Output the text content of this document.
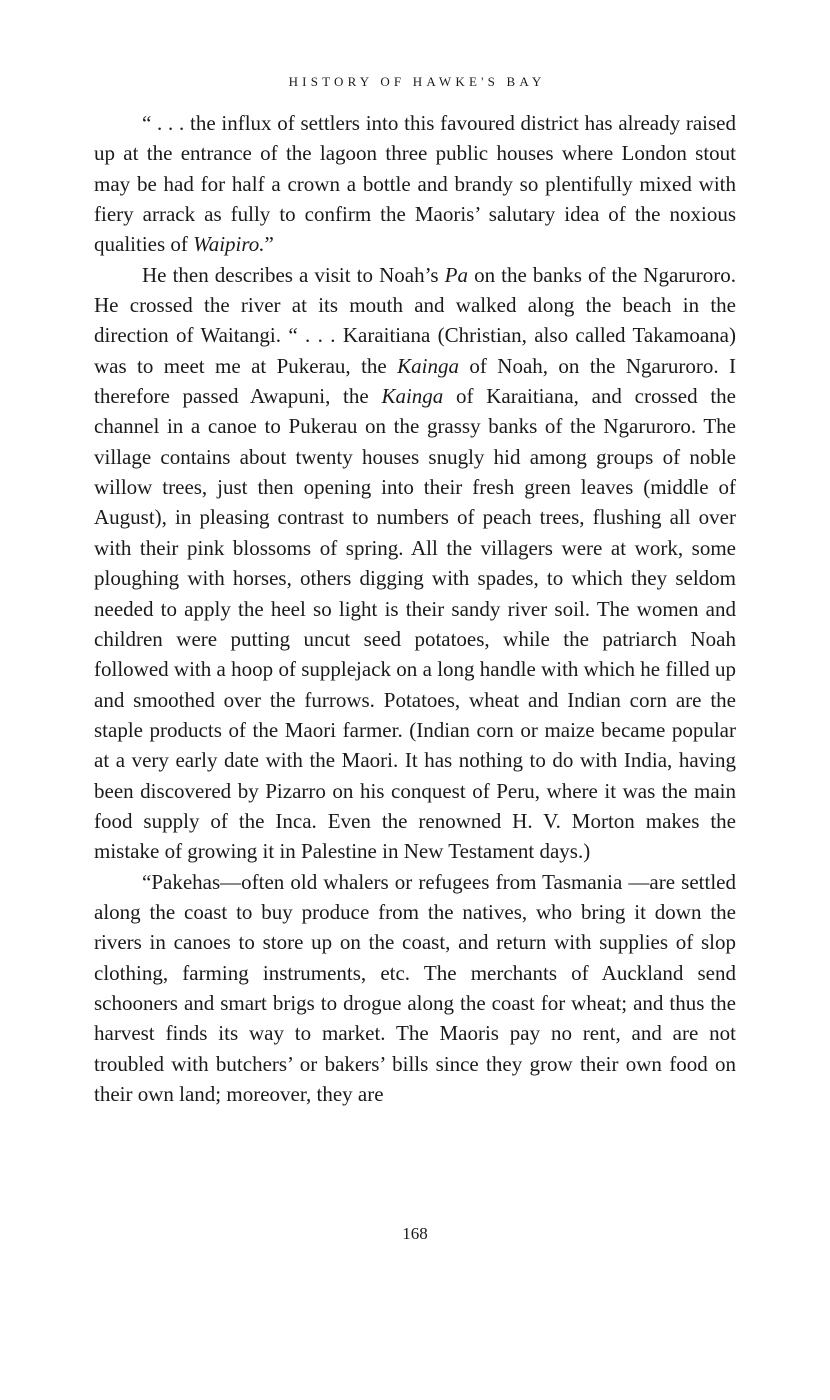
HISTORY OF HAWKE'S BAY

“ . . . the influx of settlers into this favoured district has already raised up at the entrance of the lagoon three public houses where London stout may be had for half a crown a bottle and brandy so plentifully mixed with fiery arrack as fully to confirm the Maoris’ salutary idea of the noxious qualities of Waipiro.”

He then describes a visit to Noah’s Pa on the banks of the Ngaruroro. He crossed the river at its mouth and walked along the beach in the direction of Waitangi. “ . . . Karaitiana (Christian, also called Takamoana) was to meet me at Pukerau, the Kainga of Noah, on the Ngaruroro. I therefore passed Awapuni, the Kainga of Karaitiana, and crossed the channel in a canoe to Pukerau on the grassy banks of the Ngaruroro. The village contains about twenty houses snugly hid among groups of noble willow trees, just then opening into their fresh green leaves (middle of August), in pleasing contrast to numbers of peach trees, flushing all over with their pink blossoms of spring. All the villagers were at work, some ploughing with horses, others digging with spades, to which they seldom needed to apply the heel so light is their sandy river soil. The women and children were putting uncut seed potatoes, while the patriarch Noah followed with a hoop of supplejack on a long handle with which he filled up and smoothed over the furrows. Potatoes, wheat and Indian corn are the staple products of the Maori farmer. (Indian corn or maize became popular at a very early date with the Maori. It has nothing to do with India, having been discovered by Pizarro on his conquest of Peru, where it was the main food supply of the Inca. Even the renowned H. V. Morton makes the mistake of growing it in Palestine in New Testament days.)

“Pakehas—often old whalers or refugees from Tasmania —are settled along the coast to buy produce from the natives, who bring it down the rivers in canoes to store up on the coast, and return with supplies of slop clothing, farming instruments, etc. The merchants of Auckland send schooners and smart brigs to drogue along the coast for wheat; and thus the harvest finds its way to market. The Maoris pay no rent, and are not troubled with butchers’ or bakers’ bills since they grow their own food on their own land; moreover, they are

168
